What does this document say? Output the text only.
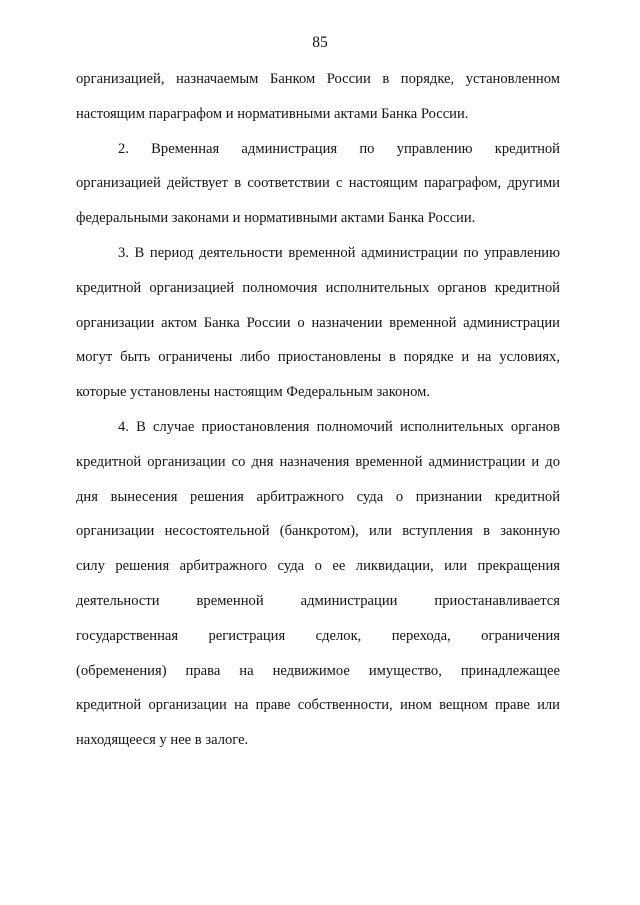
85
организацией, назначаемым Банком России в порядке, установленном
настоящим параграфом и нормативными актами Банка России.
2. Временная администрация по управлению кредитной
организацией действует в соответствии с настоящим параграфом, другими
федеральными законами и нормативными актами Банка России.
3. В период деятельности временной администрации по управлению
кредитной организацией полномочия исполнительных органов кредитной
организации актом Банка России о назначении временной администрации
могут быть ограничены либо приостановлены в порядке и на условиях,
которые установлены настоящим Федеральным законом.
4. В случае приостановления полномочий исполнительных органов
кредитной организации со дня назначения временной администрации и до
дня вынесения решения арбитражного суда о признании кредитной
организации несостоятельной (банкротом), или вступления в законную
силу решения арбитражного суда о ее ликвидации, или прекращения
деятельности временной администрации приостанавливается
государственная регистрация сделок, перехода, ограничения
(обременения) права на недвижимое имущество, принадлежащее
кредитной организации на праве собственности, ином вещном праве или
находящееся у нее в залоге.
